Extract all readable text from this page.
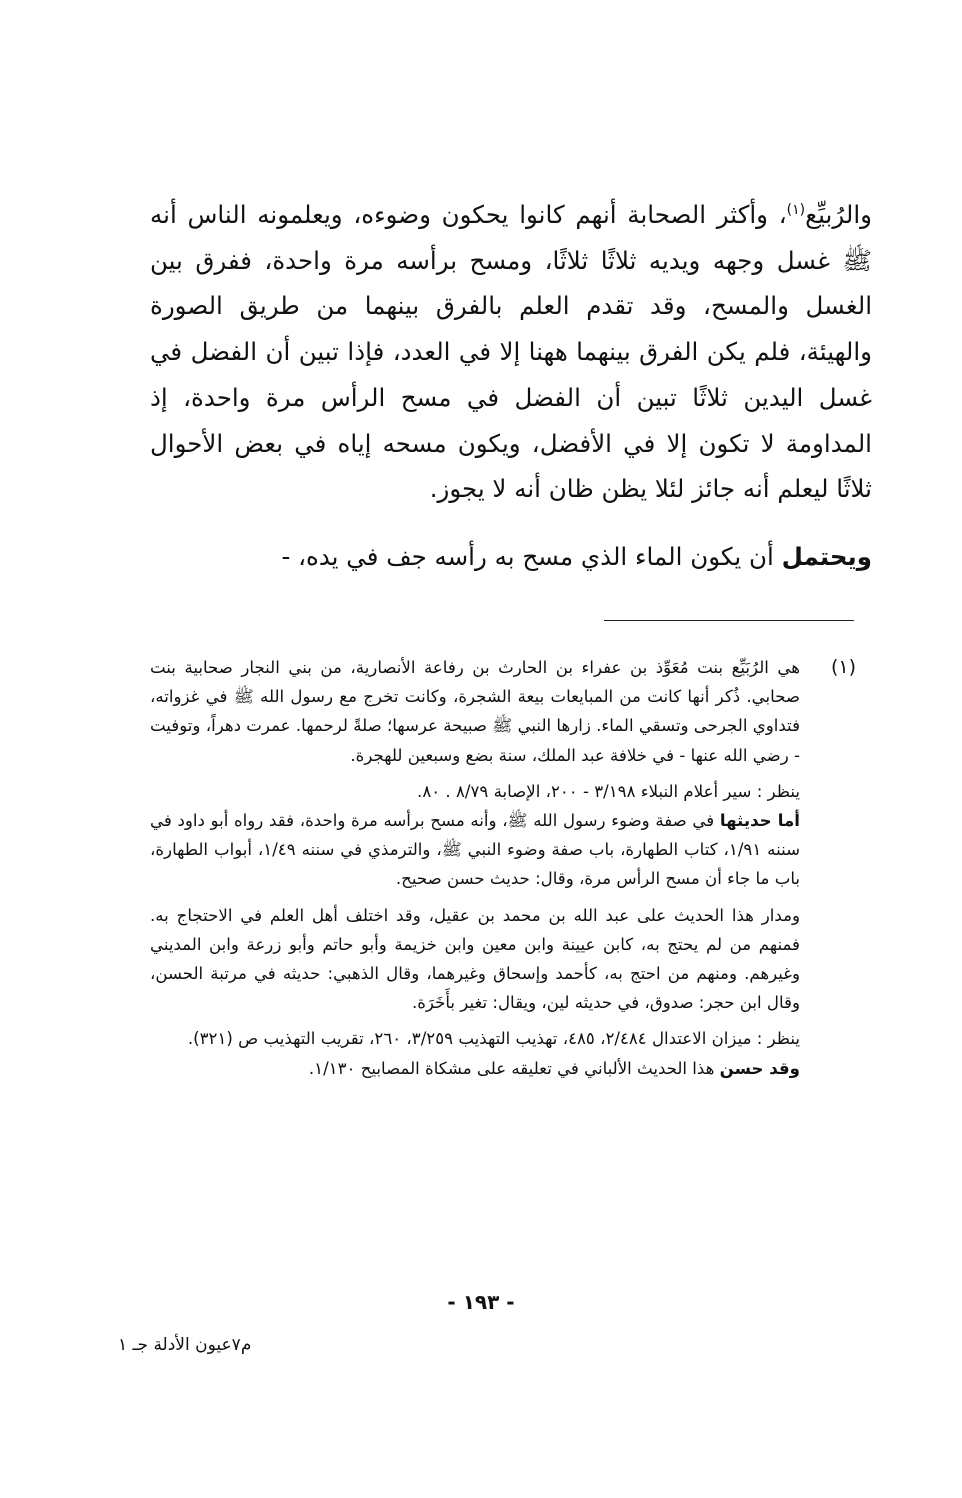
والرُبيِّع$^{(١)}$، وأكثر الصحابة أنهم كانوا يحكون وضوءه، ويعلمونه الناس أنه ﷺ غسل وجهه ويديه ثلاثًا ثلاثًا، ومسح برأسه مرة واحدة، ففرق بين الغسل والمسح، وقد تقدم العلم بالفرق بينهما من طريق الصورة والهيئة، فلم يكن الفرق بينهما ههنا إلا في العدد، فإذا تبين أن الفضل في غسل اليدين ثلاثًا تبين أن الفضل في مسح الرأس مرة واحدة، إذ المداومة لا تكون إلا في الأفضل، ويكون مسحه إياه في بعض الأحوال ثلاثًا ليعلم أنه جائز لئلا يظن ظان أنه لا يجوز.

ويحتمل أن يكون الماء الذي مسح به رأسه جف في يده، -

(١)

هي الرُبَيِّع بنت مُعَوِّذ بن عفراء بن الحارث بن رفاعة الأنصارية، من بني النجار صحابية بنت صحابي. ذُكر أنها كانت من المبايعات بيعة الشجرة، وكانت تخرج مع رسول الله ﷺ في غزواته، فتداوي الجرحى وتسقي الماء. زارها النبي ﷺ صبيحة عرسها؛ صلةً لرحمها. عمرت دهراً، وتوفيت - رضي الله عنها - في خلافة عبد الملك، سنة بضع وسبعين للهجرة.

ينظر : سير أعلام النبلاء ٣/١٩٨ - ٢٠٠، الإصابة ٨/٧٩ . ٨٠.

أما حديثها في صفة وضوء رسول الله ﷺ، وأنه مسح برأسه مرة واحدة، فقد رواه أبو داود في سننه ١/٩١، كتاب الطهارة، باب صفة وضوء النبي ﷺ، والترمذي في سننه ١/٤٩، أبواب الطهارة، باب ما جاء أن مسح الرأس مرة، وقال: حديث حسن صحيح.

ومدار هذا الحديث على عبد الله بن محمد بن عقيل، وقد اختلف أهل العلم في الاحتجاج به. فمنهم من لم يحتج به، كابن عيينة وابن معين وابن خزيمة وأبو حاتم وأبو زرعة وابن المديني وغيرهم. ومنهم من احتج به، كأحمد وإسحاق وغيرهما، وقال الذهبي: حديثه في مرتبة الحسن، وقال ابن حجر: صدوق، في حديثه لين، ويقال: تغير بأَخَرَة.

ينظر : ميزان الاعتدال ٢/٤٨٤، ٤٨٥، تهذيب التهذيب ٣/٢٥٩، ٢٦٠، تقريب التهذيب ص (٣٢١).

وقد حسن هذا الحديث الألباني في تعليقه على مشكاة المصابيح ١/١٣٠.

- ١٩٣ -
م٧عيون الأدلة جـ ١
